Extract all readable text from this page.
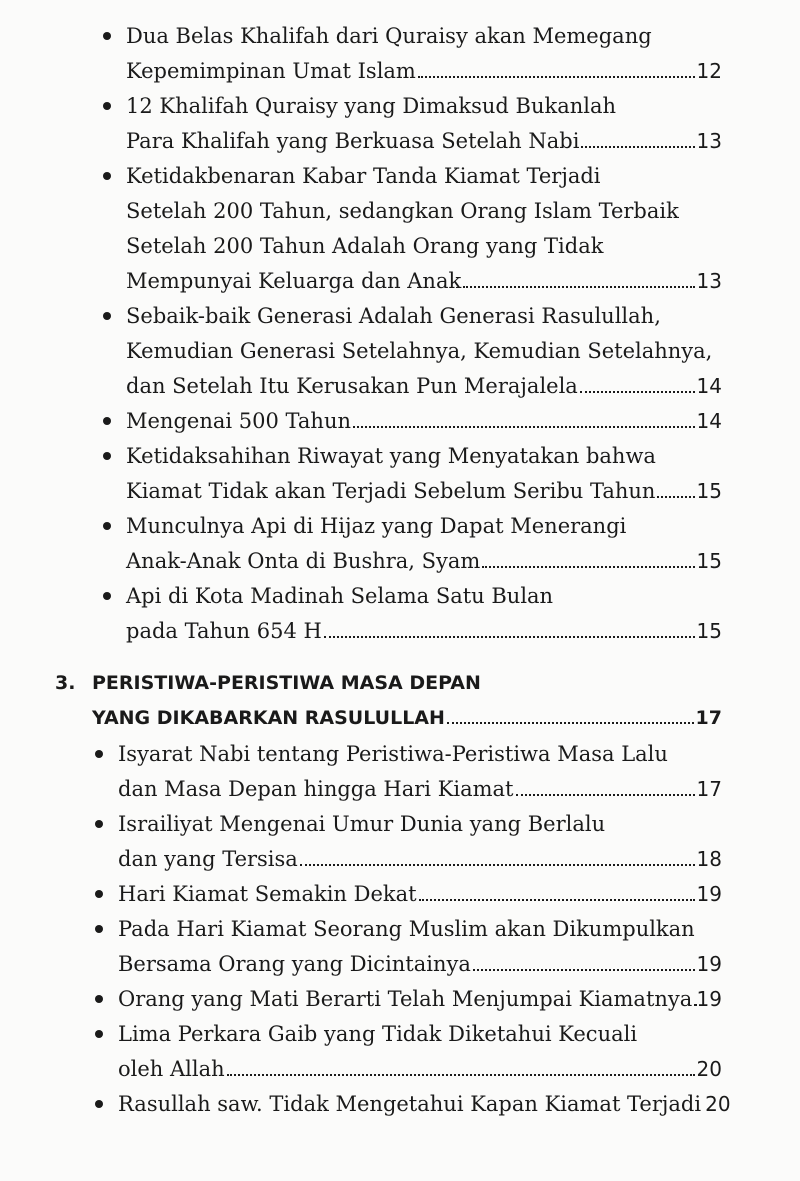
Dua Belas Khalifah dari Quraisy akan Memegang
Kepemimpinan Umat Islam	12
12 Khalifah Quraisy yang Dimaksud Bukanlah
Para Khalifah yang Berkuasa Setelah Nabi	13
Ketidakbenaran Kabar Tanda Kiamat Terjadi
Setelah 200 Tahun, sedangkan Orang Islam Terbaik
Setelah 200 Tahun Adalah Orang yang Tidak
Mempunyai Keluarga dan Anak	13
Sebaik-baik Generasi Adalah Generasi Rasulullah,
Kemudian Generasi Setelahnya, Kemudian Setelahnya,
dan Setelah Itu Kerusakan Pun Merajalela	14
Mengenai 500 Tahun	14
Ketidaksahihan Riwayat yang Menyatakan bahwa
Kiamat Tidak akan Terjadi Sebelum Seribu Tahun 15
Munculnya Api di Hijaz yang Dapat Menerangi
Anak-Anak Onta di Bushra, Syam	15
Api di Kota Madinah Selama Satu Bulan
pada Tahun 654 H	15
3. PERISTIWA-PERISTIWA MASA DEPAN
YANG DIKABARKAN RASULULLAH	17
Isyarat Nabi tentang Peristiwa-Peristiwa Masa Lalu
dan Masa Depan hingga Hari Kiamat	17
Israiliyat Mengenai Umur Dunia yang Berlalu
dan yang Tersisa	18
Hari Kiamat Semakin Dekat	19
Pada Hari Kiamat Seorang Muslim akan Dikumpulkan
Bersama Orang yang Dicintainya	19
Orang yang Mati Berarti Telah Menjumpai Kiamatnya 19
Lima Perkara Gaib yang Tidak Diketahui Kecuali
oleh Allah	20
Rasullah saw. Tidak Mengetahui Kapan Kiamat Terjadi 20
